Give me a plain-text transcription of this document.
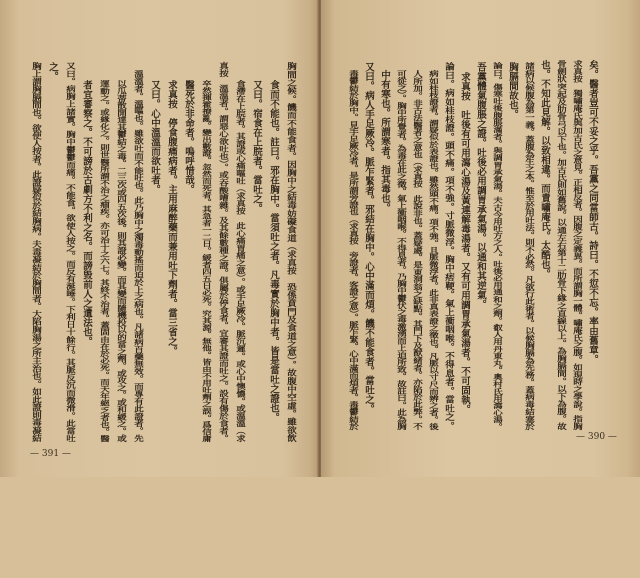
胸間之候。饑而不能食者。因胸中之結毒妨礙食道（求真按　恐係賁門及食道之意）。故腹中空虛。雖欲飲
食而不能也。註曰。邪在胸中。當須吐之者。凡毒實於胸中者。皆是當吐之證也。
又曰。宿食在上脘者。當吐之。
食滯在上脘者。其證或心痛嘔吐（求真按　此心痛胃痛之意）。或手足厥冷。脈沉遲。或心中懊憹。或溫溫（求
真按　溫溫者。謂惡心欲吐也）。或吞酸嘈雜。及其餘數種之證。俱屬於停食者。宜審其證而吐之。設有傷於食者。
卒然揮霍撩亂。變出數證。忽然而死者。其急者一二日。緩者四五日必死。究其源。無他。皆由不用吐劑之誤。爲信庸
醫死於非命者。嗚呼惜哉。
求真按　停食腹痛病者。主用麻醉藥而兼用吐下劑者。當三省之。
又曰。心中溫溫而欲吐者。
溫溫者。溫嘔也。雖欲吐而不能吐也。此乃胸中之濁毒動搖而迫於上之病也。凡諸病百藥無效。而專有此證者。先
以瓜蒂散開達其鬱結之毒。二三次或四五次後。則其證必變。而其變而隨機投以的當之劑。或攻之。或和緩之。或
運動之。或緣化之。則世醫所謂不治之痼疾。亦可治十之六七。其終不治者。蓋固由在於必死。而天年絕乏者也。醫
者宜審察之。不可謗於古劇方不利之名。而謗毀前人之遺法也。
又曰。病胸上諸實。胸中鬱鬱而痛。不能食。欲使人按之。而反有涎唾。下利日十餘行。其脈反沉而微滑。此當吐
之。
胸上謂胸膈間也。欲使人按者。此證疑似於結胸病。夫毒凝結於胸間者。大陷胸湯之所主治也。如此證則毒凝結
— 391 —
矣。醫者豈可不妥之乎。吾黨之同當師古。詩曰。不愆不忘。率由舊章。
求真按　獨嘯庵氏與加古氏之意見。正相反者。因腹之定義異。而所謂胸一體。嘯庵氏之腹。如現時之學說。指胸
骨劍狀突起及肋骨弓以下也。加古氏則如舊說。以通左右第十二肋骨下緣之直線以上。為胸膈間。以下為腹。故
也。不知此見解。以致相違。而責嘯庵氏。太酷也。
諸病以候腹為第一義。蓋腹為生之本。惟至於用吐法。則不必然。凡欲行此術者。以候胸膈為先務。蓋病毒結塞於
胸膈間故也。
論曰。傷寒吐後腹脹滿者。與調胃承氣湯。夫古今用吐方之人。吐後必用通和之劑。叡人用丹東丸。奧村氏用瀉心湯。
吾黨體氣腹脹之證。吐後必用調胃承氣湯。以通和其逆氣。
求真按　吐後有可用瀉心湯及黃連解毒湯者。又有可用調胃承氣湯者。不可固執。
論曰。病如桂枝證。頭不痛。項不強。寸脈微浮。胸中痞鞕。氣上衝咽喉。不得息者。當吐之。
病如桂枝證者。謂疑似於表證也。雖然頭不痛。項不強。且脈微浮者。此非真表證之徵也。凡脈以寸尺而辨之者。後
人所加。非古法醫者之意也（求真按　此說非也。蓋疑處。是東洞翁之缺點。其門下及猷緒者。亦陷於此弊。不
可從之）。胸中所覺者。為毒在此之徵。氣上衝咽喉。不得息者。乃胸中鬱伏之毒激湧而上迫所致。故註曰。此為胸
中有寒也。所謂寒者。指其毒也。
又曰。病人手足厥冷。脈乍緊者。邪結在胸中。心中滿而煩。饑不能食者。當吐之。
毒鬱結於胸中。見手足厥冷者。是所謂旁證也（求真按　旁證者。客證之意）。脈乍緊。心中滿而煩者。毒鬱結於
— 390 —
